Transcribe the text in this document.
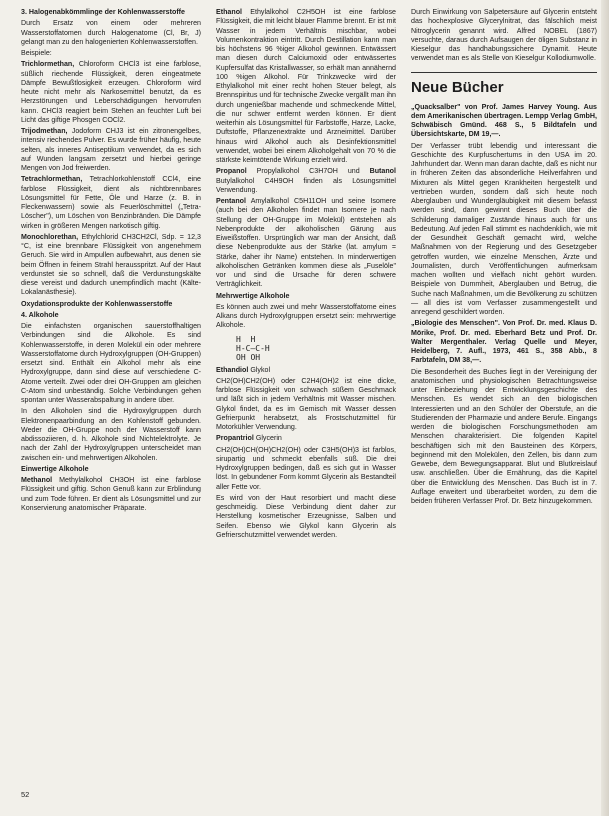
3. Halogenabkömmlinge der Kohlenwasserstoffe

Durch Ersatz von einem oder mehreren Wasserstoffatomen durch Halogenatome (Cl, Br, J) gelangt man zu den halogenierten Kohlenwasserstoffen.

Beispiele:

Trichlormethan, Chloroform CHCl3 ist eine farblose, süßlich riechende Flüssigkeit, deren eingeatmete Dämpfe Bewußtlosigkeit erzeugen. Chloroform wird heute nicht mehr als Narkosemittel benutzt, da es Herzstörungen und Leberschädigungen hervorrufen kann. CHCl3 reagiert beim Stehen an feuchter Luft bei Licht das giftige Phosgen COCl2.

Trijodmethan, Jodoform CHJ3 ist ein zitronengelbes, intensiv riechendes Pulver. Es wurde früher häufig, heute selten, als inneres Antiseptikum verwendet, da es sich auf Wunden langsam zersetzt und hierbei geringe Mengen von Jod freiwerden.

Tetrachlormethan, Tetrachlorkohlenstoff CCl4, eine farblose Flüssigkeit, dient als nichtbrennbares Lösungsmittel für Fette, Öle und Harze (z. B. in Fleckenwassern) sowie als Feuerlöschmittel („Tetra-Löscher"), um Löschen von Benzinbränden. Die Dämpfe wirken in größeren Mengen narkotisch giftig.

Monochlorethan, Ethylchlorid CH3CH2Cl, Sdp. = 12,3 °C, ist eine brennbare Flüssigkeit von angenehmem Geruch. Sie wird in Ampullen aufbewahrt, aus denen sie beim Öffnen in feinem Strahl herausspritzt. Auf der Haut verdunstet sie so schnell, daß die Verdunstungskälte diese vereist und dadurch unempfindlich macht (Kälte-Lokalanästhesie).

Oxydationsprodukte der Kohlenwasserstoffe

4. Alkohole

Die einfachsten organischen sauerstoffhaltigen Verbindungen sind die Alkohole. Es sind Kohlenwasserstoffe, in deren Molekül ein oder mehrere Wasserstoffatome durch Hydroxylgruppen (OH-Gruppen) ersetzt sind. Enthält ein Alkohol mehr als eine Hydroxylgruppe, dann sind diese auf verschiedene C-Atome verteilt. Zwei oder drei OH-Gruppen am gleichen C-Atom sind unbeständig. Solche Verbindungen gehen spontan unter Wasserabspaltung in andere über.

In den Alkoholen sind die Hydroxylgruppen durch Elektronenpaarbindung an den Kohlenstoff gebunden. Weder die OH-Gruppe noch der Wasserstoff kann abdissoziieren, d. h. Alkohole sind Nichtelektrolyte. Je nach der Zahl der Hydroxylgruppen unterscheidet man zwischen ein- und mehrwertigen Alkoholen.

Einwertige Alkohole

Methanol Methylalkohol CH3OH ist eine farblose Flüssigkeit und giftig. Schon Genuß kann zur Erblindung und zum Tode führen. Er dient als Lösungsmittel und zur Konservierung anatomischer Präparate.

Ethanol Ethylalkohol C2H5OH ist eine farblose Flüssigkeit, die mit leicht blauer Flamme brennt. Er ist mit Wasser in jedem Verhältnis mischbar, wobei Volumenkontraktion eintritt. Durch Destillation kann man bis höchstens 96 %iger Alkohol gewinnen. Entwässert man diesen durch Calciumoxid oder entwässertes Kupfersulfat das Kristallwasser, so erhält man annähernd 100 %igen Alkohol. Für Trinkzwecke wird der Ethylalkohol mit einer recht hohen Steuer belegt, als Brennspiritus und für technische Zwecke vergällt man ihn durch ungenießbar machende und schmeckende Mittel, die nur schwer entfernt werden können. Er dient weiterhin als Lösungsmittel für Farbstoffe, Harze, Lacke, Duftstoffe, Pflanzenextrakte und Arzneimittel. Darüber hinaus wird Alkohol auch als Desinfektionsmittel verwendet, wobei bei einem Alkoholgehalt von 70 % die stärkste keimtötende Wirkung erzielt wird.

Propanol Propylalkohol C3H7OH und Butanol Butylalkohol C4H9OH finden als Lösungsmittel Verwendung.

Pentanol Amylalkohol C5H11OH und seine Isomere (auch bei den Alkoholen findet man Isomere je nach Stellung der OH-Gruppe im Molekül) entstehen als Nebenprodukte der alkoholischen Gärung aus Eiweißstoffen. Ursprünglich war man der Ansicht, daß diese Nebenprodukte aus der Stärke (lat. amylum = Stärke, daher ihr Name) entstehen. In minderwertigen alkoholischen Getränken kommen diese als „Fuselöle" vor und sind die Ursache für deren schwere Verträglichkeit.

Mehrwertige Alkohole

Es können auch zwei und mehr Wasserstoffatome eines Alkans durch Hydroxylgruppen ersetzt sein: mehrwertige Alkohole.

H  H
H-C—C-H
OH OH

Ethandiol Glykol

CH2(OH)CH2(OH) oder C2H4(OH)2 ist eine dicke, farblose Flüssigkeit von schwach süßem Geschmack und läßt sich in jedem Verhältnis mit Wasser mischen. Glykol findet, da es im Gemisch mit Wasser dessen Gefrierpunkt herabsetzt, als Frostschutzmittel für Motorkühler Verwendung.

Propantriol Glycerin

CH2(OH)CH(OH)CH2(OH) oder C3H5(OH)3 ist farblos, sirupartig und schmeckt ebenfalls süß. Die drei Hydroxylgruppen bedingen, daß es sich gut in Wasser löst. In gebundener Form kommt Glycerin als Bestandteil aller Fette vor.

Es wird von der Haut resorbiert und macht diese geschmeidig. Diese Verbindung dient daher zur Herstellung kosmetischer Erzeugnisse, Salben und Seifen. Ebenso wie Glykol kann Glycerin als Gefrierschutzmittel verwendet werden.

Durch Einwirkung von Salpetersäure auf Glycerin entsteht das hochexplosive Glycerylnitrat, das fälschlich meist Nitroglycerin genannt wird. Alfred NOBEL (1867) versuchte, daraus durch Aufsaugen der öligen Substanz in Kieselgur das handhabungssichere Dynamit. Heute verwendet man es als Stelle von Kieselgur Kollodiumwolle.

Neue Bücher

„Quacksalber" von Prof. James Harvey Young. Aus dem Amerikanischen übertragen. Lempp Verlag GmbH, Schwäbisch Gmünd. 468 S., 5 Bildtafeln und Übersichtskarte, DM 19,—.

Der Verfasser trübt lebendig und interessant die Geschichte des Kurpfuschertums in den USA im 20. Jahrhundert dar. Wenn man daran dachte, daß es nicht nur in früheren Zeiten das absonderliche Heilverfahren und Mixturen als Mittel gegen Krankheiten hergestellt und vertrieben wurden, sondern daß sich heute noch Aberglauben und Wundergläubigkeit mit diesem befasst werden sind, dann gewinnt dieses Buch über die Schilderung damaliger Zustände hinaus auch für uns Bedeutung. Auf jeden Fall stimmt es nachdenklich, wie mit der Gesundheit Geschäft gemacht wird, welche Maßnahmen von der Regierung und des Gesetzgeber getroffen wurden, wie einzelne Menschen, Ärzte und Journalisten, durch Veröffentlichungen aufmerksam machen wollten und vielfach nicht gehört wurden. Beispiele von Dummheit, Aberglauben und Betrug, die Suche nach Maßnahmen, um die Bevölkerung zu schützen — all dies ist vom Verfasser zusammengestellt und anregend geschildert worden.

„Biologie des Menschen". Von Prof. Dr. med. Klaus D. Mörike, Prof. Dr. med. Eberhard Betz und Prof. Dr. Walter Mergenthaler. Verlag Quelle und Meyer, Heidelberg, 7. Aufl., 1973, 461 S., 358 Abb., 8 Farbtafeln, DM 38,—.

Die Besonderheit des Buches liegt in der Vereinigung der anatomischen und physiologischen Betrachtungsweise unter Einbeziehung der Entwicklungsgeschichte des Menschen. Es wendet sich an den biologischen Interessierten und an den Schüler der Oberstufe, an die Studierenden der Pharmazie und andere Berufe. Eingangs werden die biologischen Forschungsmethoden am Menschen charakterisiert. Die folgenden Kapitel beschäftigen sich mit den Bausteinen des Körpers, beginnend mit den Molekülen, den Zellen, bis dann zum Gewebe, dem Bewegungsapparat. Blut und Blutkreislauf usw. anschließen. Über die Ernährung, das die Kapitel über die Entwicklung des Menschen. Das Buch ist in 7. Auflage erweitert und überarbeitet worden, zu dem die beiden früheren Verfasser Prof. Dr. Betz hinzugekommen.

52
